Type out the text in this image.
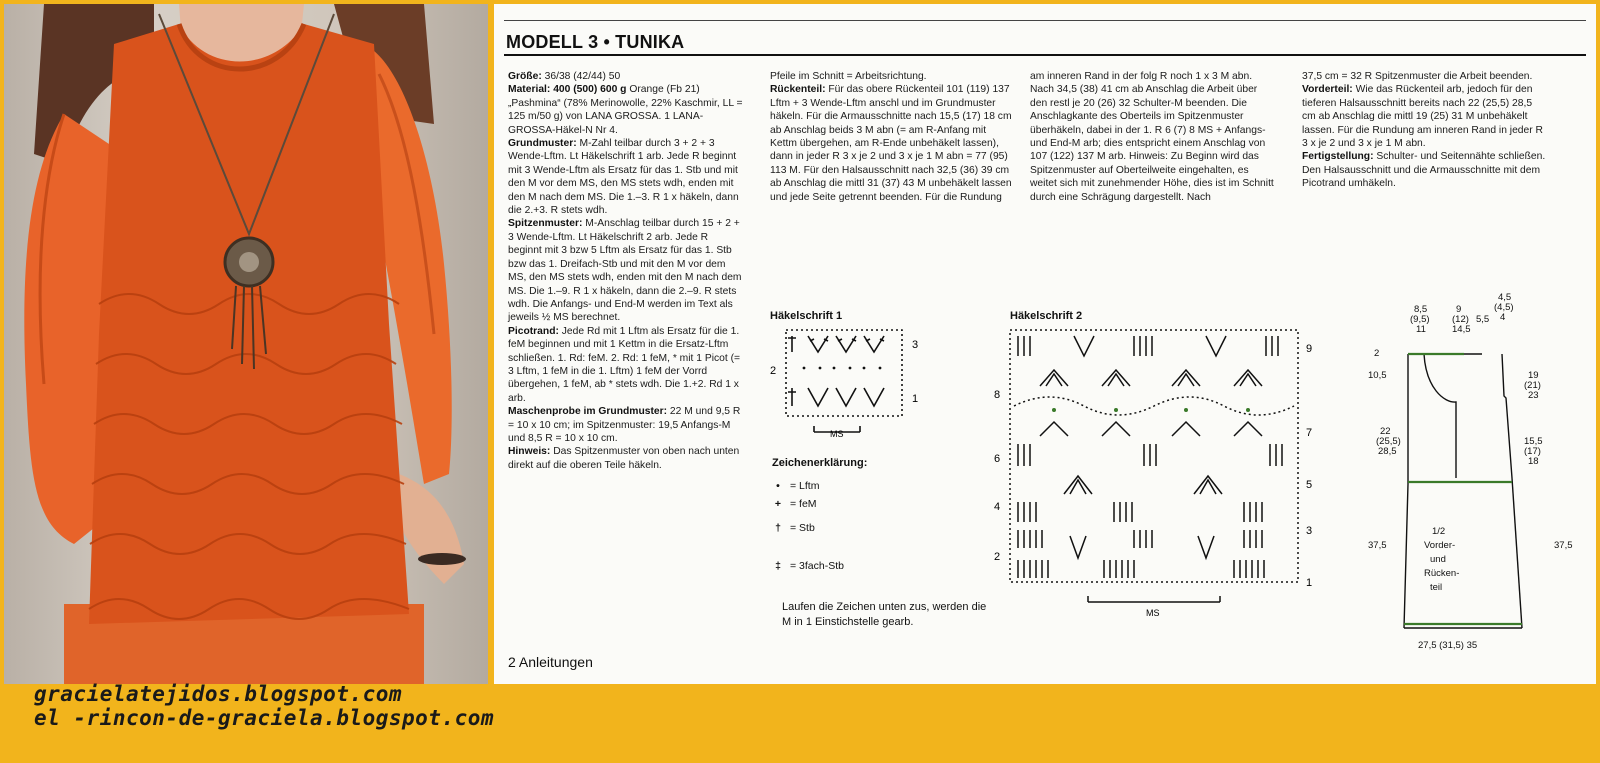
MODELL 3 • TUNIKA

Größe: 36/38 (42/44) 50

Material: 400 (500) 600 g Orange (Fb 21) „Pashmina“ (78% Merinowolle, 22% Kaschmir, LL = 125 m/50 g) von LANA GROSSA. 1 LANA-GROSSA-Häkel-N Nr 4.

Grundmuster: M-Zahl teilbar durch 3 + 2 + 3 Wende-Lftm. Lt Häkelschrift 1 arb. Jede R beginnt mit 3 Wende-Lftm als Ersatz für das 1. Stb und mit den M vor dem MS, den MS stets wdh, enden mit den M nach dem MS. Die 1.–3. R 1 x häkeln, dann die 2.+3. R stets wdh.

Spitzenmuster: M-Anschlag teilbar durch 15 + 2 + 3 Wende-Lftm. Lt Häkelschrift 2 arb. Jede R beginnt mit 3 bzw 5 Lftm als Ersatz für das 1. Stb bzw das 1. Dreifach-Stb und mit den M vor dem MS, den MS stets wdh, enden mit den M nach dem MS. Die 1.–9. R 1 x häkeln, dann die 2.–9. R stets wdh. Die Anfangs- und End-M werden im Text als jeweils ½ MS berechnet.

Picotrand: Jede Rd mit 1 Lftm als Ersatz für die 1. feM beginnen und mit 1 Kettm in die Ersatz-Lftm schließen. 1. Rd: feM. 2. Rd: 1 feM, * mit 1 Picot (= 3 Lftm, 1 feM in die 1. Lftm) 1 feM der Vorrd übergehen, 1 feM, ab * stets wdh. Die 1.+2. Rd 1 x arb.

Maschenprobe im Grundmuster: 22 M und 9,5 R = 10 x 10 cm; im Spitzenmuster: 19,5 Anfangs-M und 8,5 R = 10 x 10 cm.

Hinweis: Das Spitzenmuster von oben nach unten direkt auf die oberen Teile häkeln.

Pfeile im Schnitt = Arbeitsrichtung.

Rückenteil: Für das obere Rückenteil 101 (119) 137 Lftm + 3 Wende-Lftm anschl und im Grundmuster häkeln. Für die Armausschnitte nach 15,5 (17) 18 cm ab Anschlag beids 3 M abn (= am R-Anfang mit Kettm übergehen, am R-Ende unbehäkelt lassen), dann in jeder R 3 x je 2 und 3 x je 1 M abn = 77 (95) 113 M. Für den Halsausschnitt nach 32,5 (36) 39 cm ab Anschlag die mittl 31 (37) 43 M unbehäkelt lassen und jede Seite getrennt beenden. Für die Rundung

am inneren Rand in der folg R noch 1 x 3 M abn. Nach 34,5 (38) 41 cm ab Anschlag die Arbeit über den restl je 20 (26) 32 Schulter-M beenden. Die Anschlagkante des Oberteils im Spitzenmuster überhäkeln, dabei in der 1. R 6 (7) 8 MS + Anfangs- und End-M arb; dies entspricht einem Anschlag von 107 (122) 137 M arb. Hinweis: Zu Beginn wird das Spitzenmuster auf Oberteilweite eingehalten, es weitet sich mit zunehmender Höhe, dies ist im Schnitt durch eine Schrägung dargestellt. Nach

37,5 cm = 32 R Spitzenmuster die Arbeit beenden.

Vorderteil: Wie das Rückenteil arb, jedoch für den tieferen Halsausschnitt bereits nach 22 (25,5) 28,5 cm ab Anschlag die mittl 19 (25) 31 M unbehäkelt lassen. Für die Rundung am inneren Rand in jeder R 3 x je 2 und 3 x je 1 M abn.

Fertigstellung: Schulter- und Seitennähte schließen. Den Halsausschnitt und die Armausschnitte mit dem Picotrand umhäkeln.

Häkelschrift 1
3
2
1
MS
Zeichenerklärung:
• = Lftm
+ = feM
† = Stb
‡ = 3fach-Stb
Laufen die Zeichen unten zus, werden die M in 1 Einstichstelle gearb.
Häkelschrift 2
9
7
5
3
1
8
6
4
2
MS
8,5
(9,5)
11
9
(12)
14,5
5,5
4,5
(4,5)
4
2
10,5
22
(25,5)
28,5
37,5
19
(21)
23
15,5
(17)
18
37,5
1/2
Vorder-
und
Rücken-
teil
27,5 (31,5) 35
2 Anleitungen
gracielatejidos.blogspot.com
el -rincon-de-graciela.blogspot.com
